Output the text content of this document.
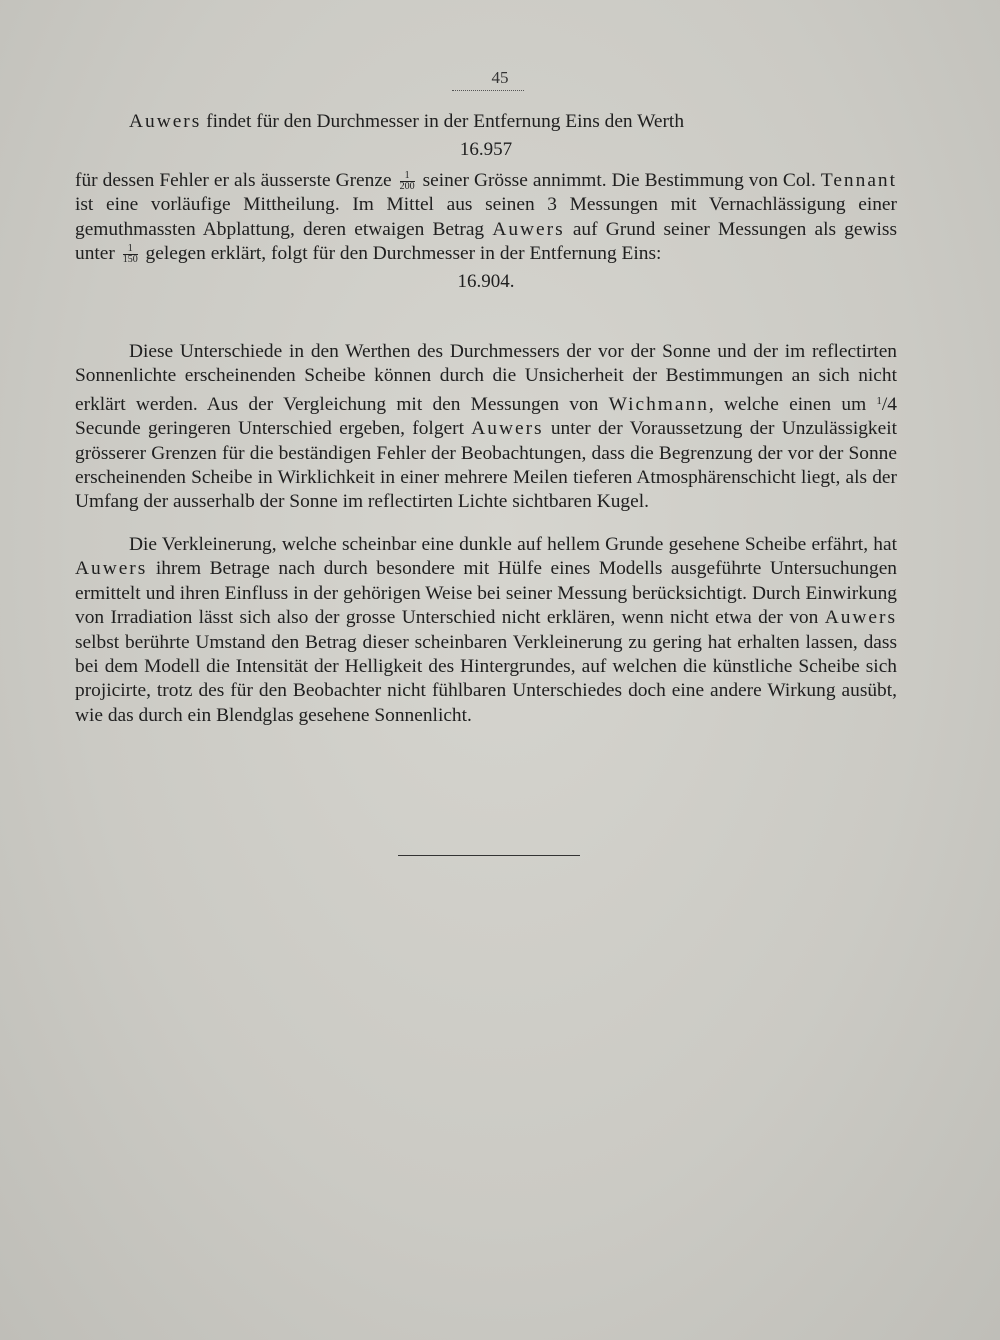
45

Auwers findet für den Durchmesser in der Entfernung Eins den Werth

16.957

für dessen Fehler er als äusserste Grenze $\frac{1}{200}$ seiner Grösse annimmt. Die Bestimmung von Col. Tennant ist eine vorläufige Mittheilung. Im Mittel aus seinen 3 Messungen mit Vernachlässigung einer gemuthmassten Abplattung, deren etwaigen Betrag Auwers auf Grund seiner Messungen als gewiss unter $\frac{1}{150}$ gelegen erklärt, folgt für den Durchmesser in der Entfernung Eins:

16.904.

Diese Unterschiede in den Werthen des Durchmessers der vor der Sonne und der im reflectirten Sonnenlichte erscheinenden Scheibe können durch die Unsicherheit der Bestimmungen an sich nicht erklärt werden. Aus der Vergleichung mit den Messungen von Wichmann, welche einen um $^1$/4 Secunde geringeren Unterschied ergeben, folgert Auwers unter der Voraussetzung der Unzulässigkeit grösserer Grenzen für die beständigen Fehler der Beobachtungen, dass die Begrenzung der vor der Sonne erscheinenden Scheibe in Wirklichkeit in einer mehrere Meilen tieferen Atmosphärenschicht liegt, als der Umfang der ausserhalb der Sonne im reflectirten Lichte sichtbaren Kugel.

Die Verkleinerung, welche scheinbar eine dunkle auf hellem Grunde gesehene Scheibe erfährt, hat Auwers ihrem Betrage nach durch besondere mit Hülfe eines Modells ausgeführte Untersuchungen ermittelt und ihren Einfluss in der gehörigen Weise bei seiner Messung berücksichtigt. Durch Einwirkung von Irradiation lässt sich also der grosse Unterschied nicht erklären, wenn nicht etwa der von Auwers selbst berührte Umstand den Betrag dieser scheinbaren Verkleinerung zu gering hat erhalten lassen, dass bei dem Modell die Intensität der Helligkeit des Hintergrundes, auf welchen die künstliche Scheibe sich projicirte, trotz des für den Beobachter nicht fühlbaren Unterschiedes doch eine andere Wirkung ausübt, wie das durch ein Blendglas gesehene Sonnenlicht.
